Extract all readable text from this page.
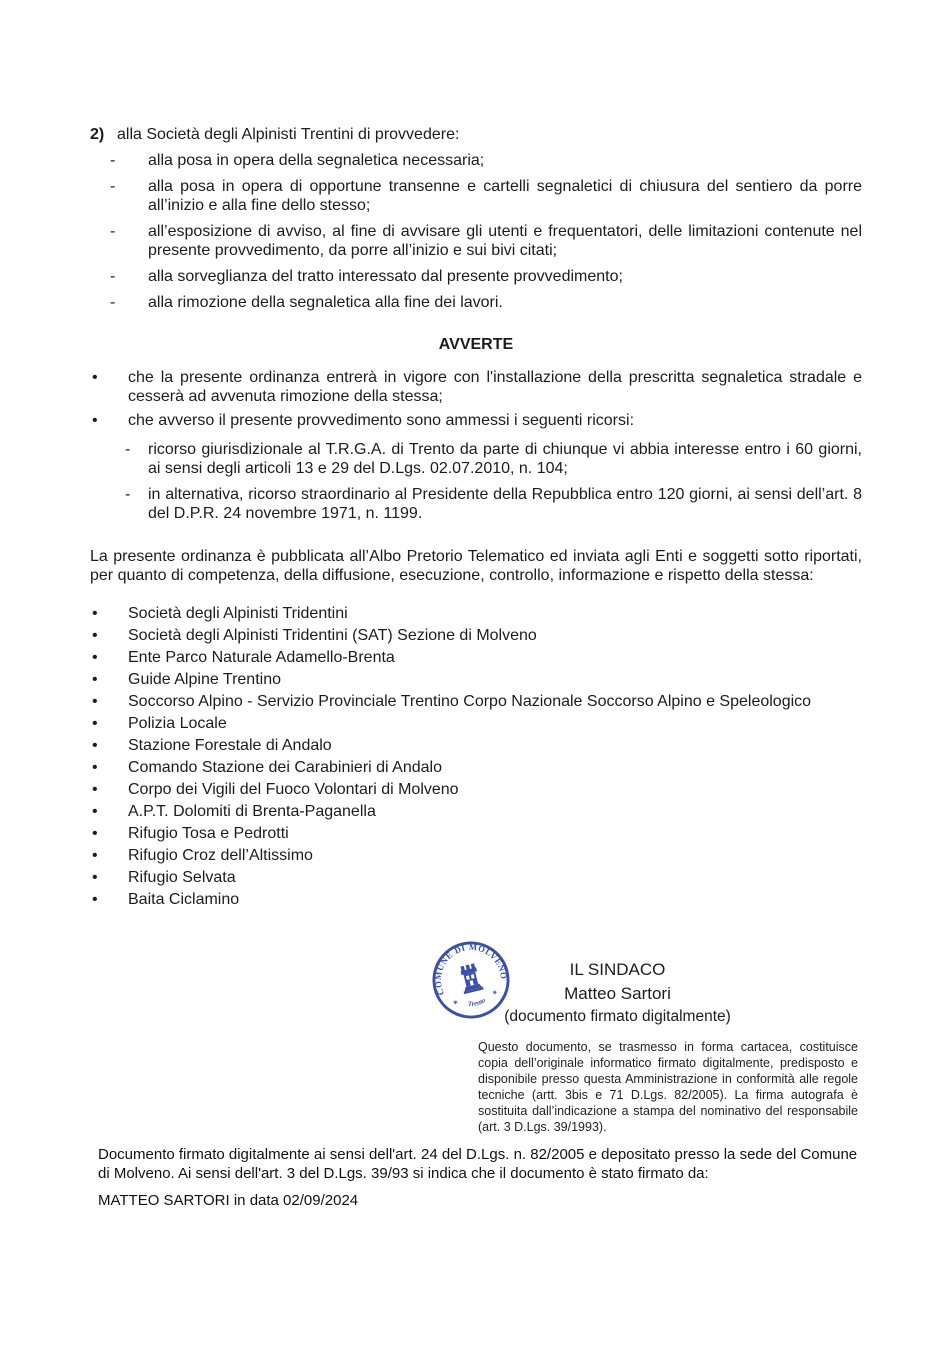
2) alla Società degli Alpinisti Trentini di provvedere:
-	alla posa in opera della segnaletica necessaria;
-	alla posa in opera di opportune transenne e cartelli segnaletici di chiusura del sentiero da porre all’inizio e alla fine dello stesso;
-	all’esposizione di avviso, al fine di avvisare gli utenti e frequentatori, delle limitazioni contenute nel presente provvedimento, da porre all’inizio e sui bivi citati;
-	alla sorveglianza del tratto interessato dal presente provvedimento;
-	alla rimozione della segnaletica alla fine dei lavori.
AVVERTE
•	che la presente ordinanza entrerà in vigore con l'installazione della prescritta segnaletica stradale e cesserà ad avvenuta rimozione della stessa;
•	che avverso il presente provvedimento sono ammessi i seguenti ricorsi:
-	ricorso giurisdizionale al T.R.G.A. di Trento da parte di chiunque vi abbia interesse entro i 60 giorni, ai sensi degli articoli 13 e 29 del D.Lgs. 02.07.2010, n. 104;
-	in alternativa, ricorso straordinario al Presidente della Repubblica entro 120 giorni, ai sensi dell’art. 8 del D.P.R. 24 novembre 1971, n. 1199.

La presente ordinanza è pubblicata all’Albo Pretorio Telematico ed inviata agli Enti e soggetti sotto riportati, per quanto di competenza, della diffusione, esecuzione, controllo, informazione e rispetto della stessa:

•	Società degli Alpinisti Tridentini
•	Società degli Alpinisti Tridentini (SAT) Sezione di Molveno
•	Ente Parco Naturale Adamello-Brenta
•	Guide Alpine Trentino
•	Soccorso Alpino - Servizio Provinciale Trentino Corpo Nazionale Soccorso Alpino e Speleologico
•	Polizia Locale
•	Stazione Forestale di Andalo
•	Comando Stazione dei Carabinieri di Andalo
•	Corpo dei Vigili del Fuoco Volontari di Molveno
•	A.P.T. Dolomiti di Brenta-Paganella
•	Rifugio Tosa e Pedrotti
•	Rifugio Croz dell’Altissimo
•	Rifugio Selvata
•	Baita Ciclamino
COMUNE DI MOLVENO
Trento
✶
✶
IL SINDACO
Matteo Sartori
(documento firmato digitalmente)
Questo documento, se trasmesso in forma cartacea, costituisce copia dell’originale informatico firmato digitalmente, predisposto e disponibile presso questa Amministrazione in conformità alle regole tecniche (artt. 3bis e 71 D.Lgs. 82/2005). La firma autografa è sostituita dall’indicazione a stampa del nominativo del responsabile (art. 3 D.Lgs. 39/1993).
Documento firmato digitalmente ai sensi dell'art. 24 del D.Lgs. n. 82/2005 e depositato presso la sede del Comune di Molveno. Ai sensi dell'art. 3 del D.Lgs. 39/93 si indica che il documento è stato firmato da:
MATTEO SARTORI in data 02/09/2024
